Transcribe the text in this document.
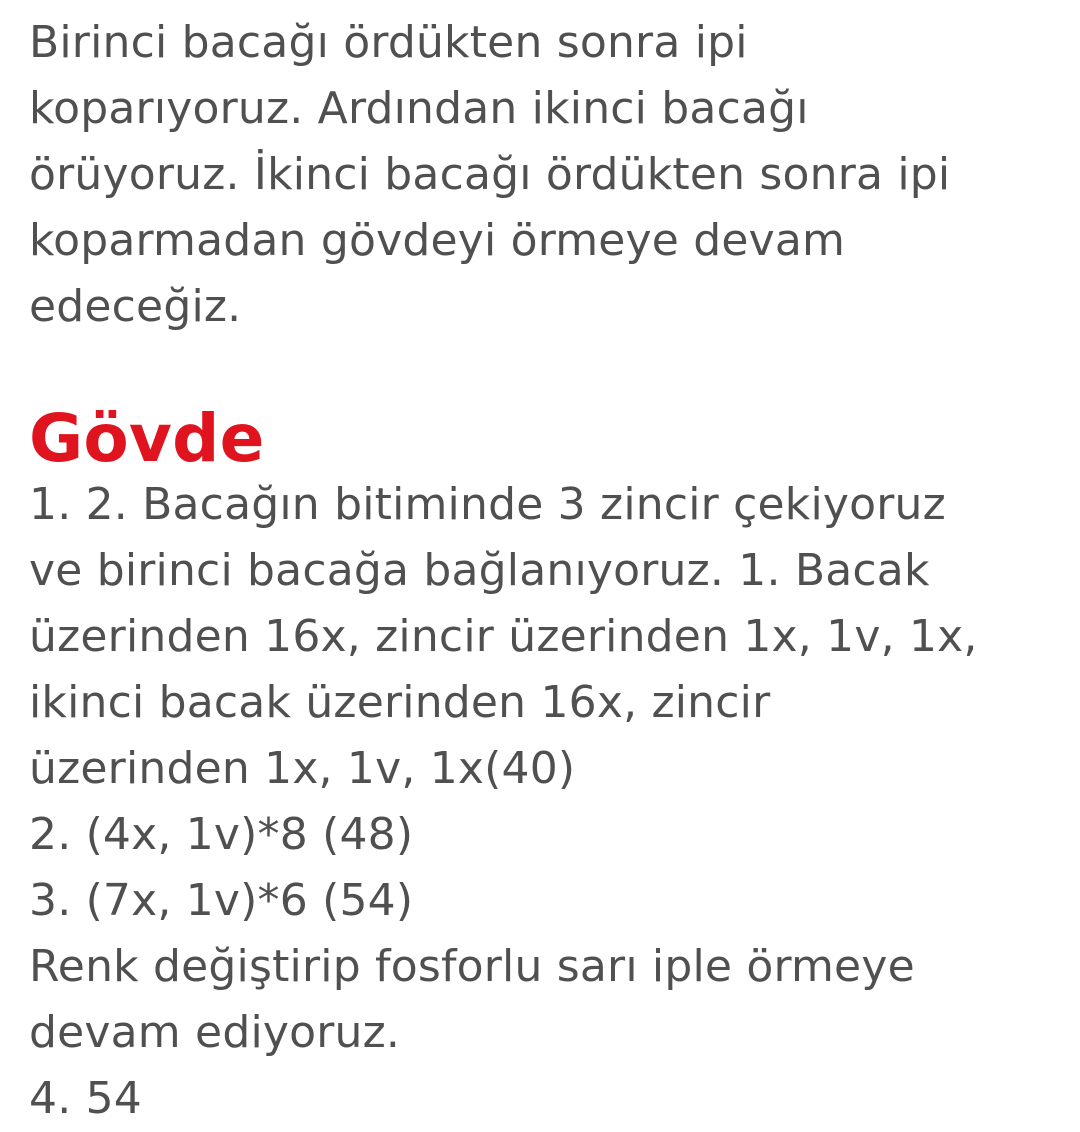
Birinci bacağı ördükten sonra ipi

koparıyoruz. Ardından ikinci bacağı

örüyoruz. İkinci bacağı ördükten sonra ipi

koparmadan gövdeyi örmeye devam

edeceğiz.

Gövde

1. 2. Bacağın bitiminde 3 zincir çekiyoruz

ve birinci bacağa bağlanıyoruz. 1. Bacak

üzerinden 16x, zincir üzerinden 1x, 1v, 1x,

ikinci bacak üzerinden 16x, zincir

üzerinden 1x, 1v, 1x(40)

2. (4x, 1v)*8 (48)

3. (7x, 1v)*6 (54)

Renk değiştirip fosforlu sarı iple örmeye

devam ediyoruz.

4. 54
